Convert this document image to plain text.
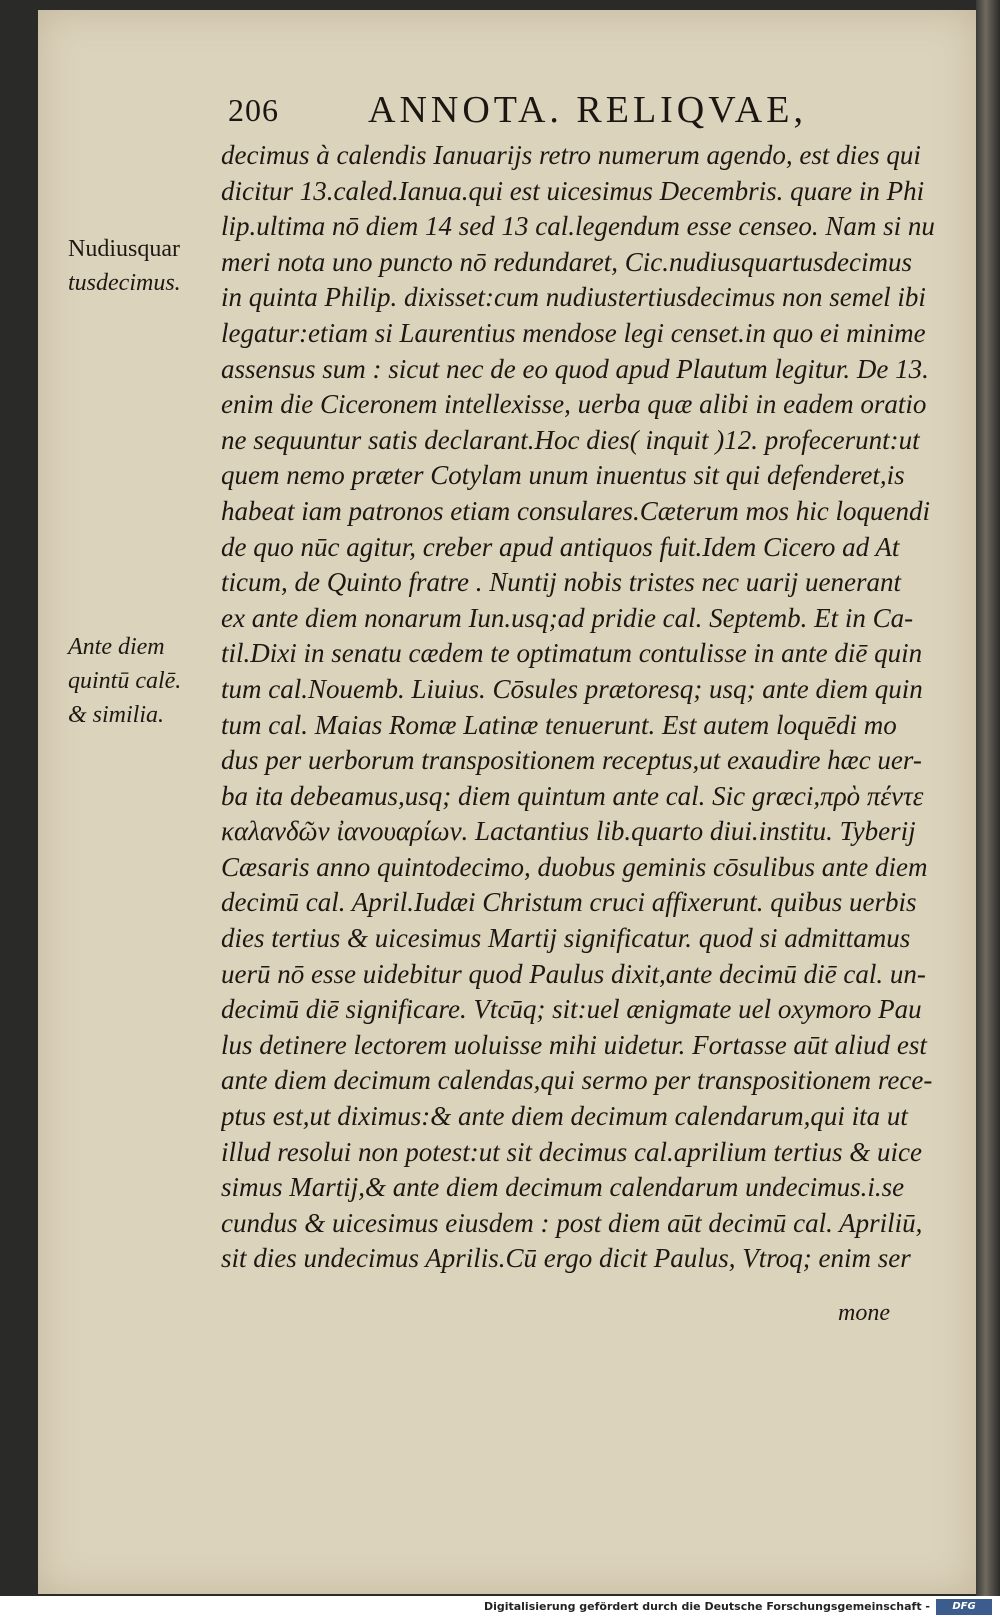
206 ANNOTA. RELIQVAE,
Nudiusquar
tusdecimus.
Ante diem
quintū calē.
& similia.
decimus à calendis Ianuarijs retro numerum agendo, est dies qui
dicitur 13.caled.Ianua.qui est uicesimus Decembris. quare in Phi
lip.ultima nō diem 14 sed 13 cal.legendum esse censeo. Nam si nu
meri nota uno puncto nō redundaret, Cic.nudiusquartusdecimus
in quinta Philip. dixisset:cum nudiustertiusdecimus non semel ibi
legatur:etiam si Laurentius mendose legi censet.in quo ei minime
assensus sum : sicut nec de eo quod apud Plautum legitur. De 13.
enim die Ciceronem intellexisse, uerba quæ alibi in eadem oratio
ne sequuntur satis declarant.Hoc dies( inquit )12. profecerunt:ut
quem nemo præter Cotylam unum inuentus sit qui defenderet,is
habeat iam patronos etiam consulares.Cæterum mos hic loquendi
de quo nūc agitur, creber apud antiquos fuit.Idem Cicero ad At
ticum, de Quinto fratre . Nuntij nobis tristes nec uarij uenerant
ex ante diem nonarum Iun.usq;ad pridie cal. Septemb. Et in Ca-
til.Dixi in senatu cædem te optimatum contulisse in ante diē quin
tum cal.Nouemb. Liuius. Cōsules prætoresq; usq; ante diem quin
tum cal. Maias Romæ Latinæ tenuerunt. Est autem loquēdi mo
dus per uerborum transpositionem receptus,ut exaudire hæc uer-
ba ita debeamus,usq; diem quintum ante cal. Sic græci,πρὸ πέντε
καλανδῶν ἰανουαρίων. Lactantius lib.quarto diui.institu. Tyberij
Cæsaris anno quintodecimo, duobus geminis cōsulibus ante diem
decimū cal. April.Iudæi Christum cruci affixerunt. quibus uerbis
dies tertius & uicesimus Martij significatur. quod si admittamus
uerū nō esse uidebitur quod Paulus dixit,ante decimū diē cal. un-
decimū diē significare. Vtcūq; sit:uel ænigmate uel oxymoro Pau
lus detinere lectorem uoluisse mihi uidetur. Fortasse aūt aliud est
ante diem decimum calendas,qui sermo per transpositionem rece-
ptus est,ut diximus:& ante diem decimum calendarum,qui ita ut
illud resolui non potest:ut sit decimus cal.aprilium tertius & uice
simus Martij,& ante diem decimum calendarum undecimus.i.se
cundus & uicesimus eiusdem : post diem aūt decimū cal. Apriliū,
sit dies undecimus Aprilis.Cū ergo dicit Paulus, Vtroq; enim ser
mone
Digitalisierung gefördert durch die Deutsche Forschungsgemeinschaft -	DFG
